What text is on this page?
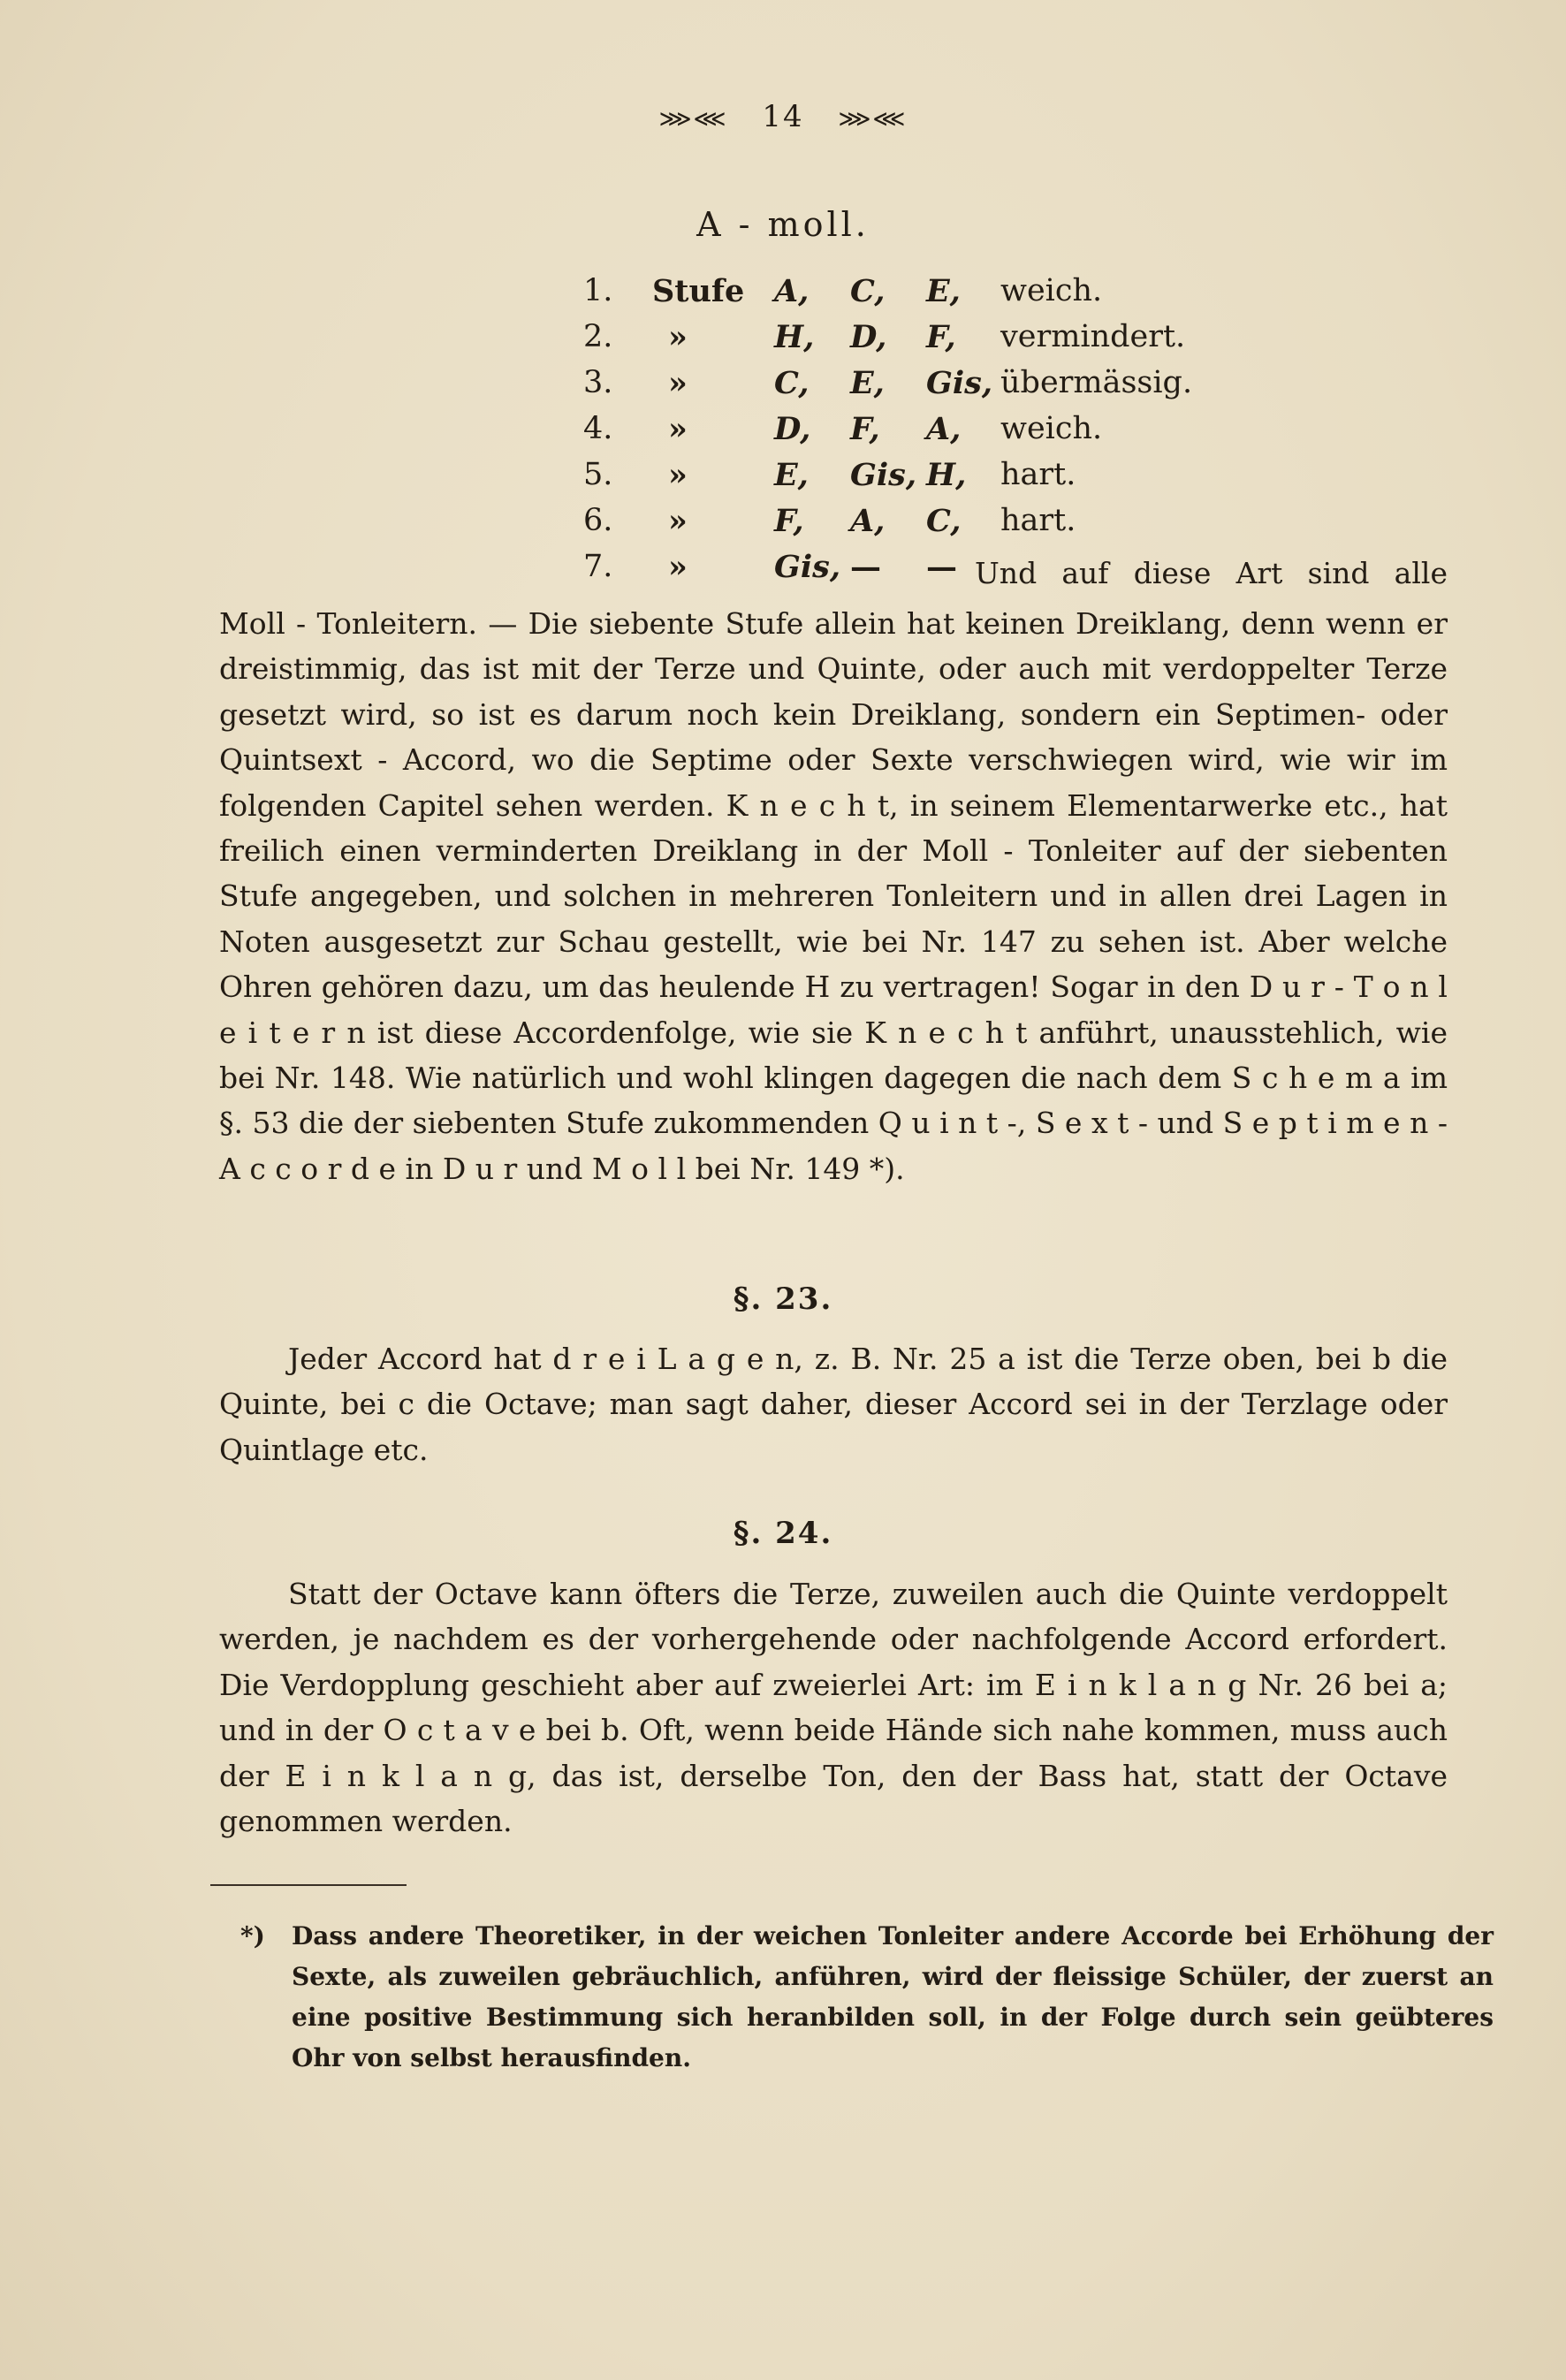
⋙⋘ 14 ⋙⋘
A - moll.
1.	Stufe	A,	C,	E,	weich.
2.	»	H,	D,	F,	vermindert.
3.	»	C,	E,	Gis,	übermässig.
4.	»	D,	F,	A,	weich.
5.	»	E,	Gis,	H,	hart.
6.	»	F,	A,	C,	hart.
7.	»	Gis,	—	—	Und auf diese Art sind alle
Moll - Tonleitern. — Die siebente Stufe allein hat keinen Dreiklang, denn wenn er dreistimmig, das ist mit der Terze und Quinte, oder auch mit verdoppelter Terze gesetzt wird, so ist es darum noch kein Dreiklang, sondern ein Septimen- oder Quintsext - Accord, wo die Septime oder Sexte verschwiegen wird, wie wir im folgenden Capitel sehen werden. K n e c h t, in seinem Elementarwerke etc., hat freilich einen verminderten Dreiklang in der Moll - Tonleiter auf der siebenten Stufe angegeben, und solchen in mehreren Tonleitern und in allen drei Lagen in Noten ausgesetzt zur Schau gestellt, wie bei Nr. 147 zu sehen ist. Aber welche Ohren gehören dazu, um das heulende H zu vertragen! Sogar in den D u r - T o n l e i t e r n ist diese Accordenfolge, wie sie K n e c h t anführt, unausstehlich, wie bei Nr. 148. Wie natürlich und wohl klingen dagegen die nach dem S c h e m a im §. 53 die der siebenten Stufe zukommenden Q u i n t -, S e x t - und S e p t i m e n - A c c o r d e in D u r und M o l l bei Nr. 149 *).
§. 23.
Jeder Accord hat d r e i L a g e n, z. B. Nr. 25 a ist die Terze oben, bei b die Quinte, bei c die Octave; man sagt daher, dieser Accord sei in der Terzlage oder Quintlage etc.
§. 24.
Statt der Octave kann öfters die Terze, zuweilen auch die Quinte verdoppelt werden, je nachdem es der vorhergehende oder nachfolgende Accord erfordert. Die Verdopplung geschieht aber auf zweierlei Art: im E i n k l a n g Nr. 26 bei a; und in der O c t a v e bei b. Oft, wenn beide Hände sich nahe kommen, muss auch der E i n k l a n g, das ist, derselbe Ton, den der Bass hat, statt der Octave genommen werden.
*) Dass andere Theoretiker, in der weichen Tonleiter andere Accorde bei Erhöhung der Sexte, als zuweilen gebräuchlich, anführen, wird der fleissige Schüler, der zuerst an eine positive Bestimmung sich heranbilden soll, in der Folge durch sein geübteres Ohr von selbst herausfinden.
